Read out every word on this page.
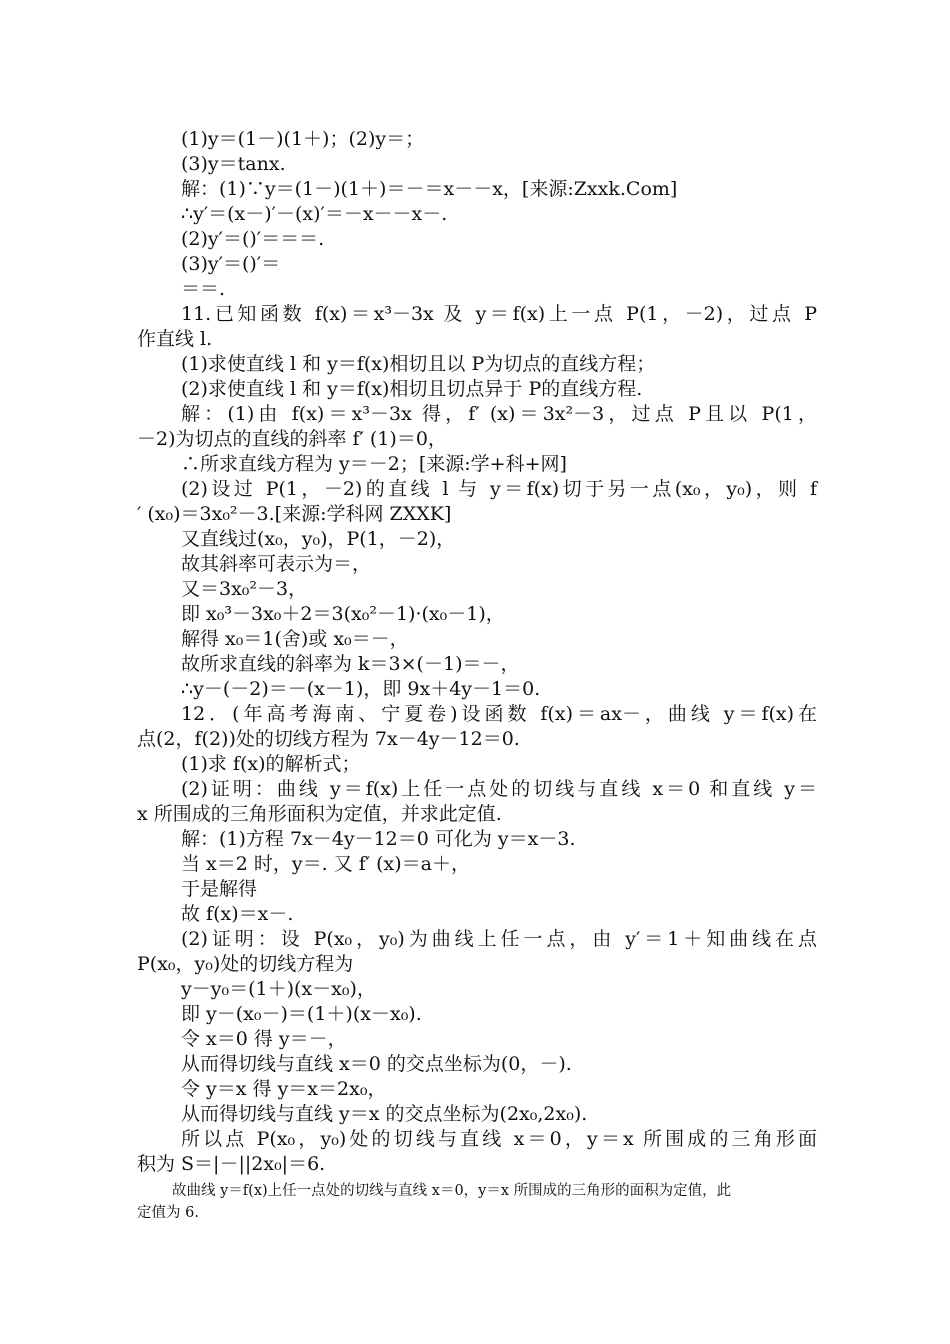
(1)y＝(1－)(1＋)；(2)y＝；
(3)y＝tanx.
解：(1)∵y＝(1－)(1＋)＝－＝x－－x，[来源:Zxxk.Com]
∴y′＝(x－)′－(x)′＝－x－－x－.
(2)y′＝()′＝＝＝.
(3)y′＝()′＝
＝＝.
11.已知函数 f(x)＝x³－3x 及 y＝f(x)上一点 P(1，－2)，过点 P
作直线 l.
(1)求使直线 l 和 y＝f(x)相切且以 P为切点的直线方程；
(2)求使直线 l 和 y＝f(x)相切且切点异于 P的直线方程.
解：(1)由 f(x)＝x³－3x 得，f′ (x)＝3x²－3，过点 P且以 P(1，
－2)为切点的直线的斜率 f′ (1)＝0，
∴所求直线方程为 y＝－2；[来源:学+科+网]
(2)设过 P(1，－2)的直线 l 与 y＝f(x)切于另一点(x₀，y₀)，则 f
′ (x₀)＝3x₀²－3.[来源:学科网 ZXXK]
又直线过(x₀，y₀)，P(1，－2)，
故其斜率可表示为＝，
又＝3x₀²－3，
即 x₀³－3x₀＋2＝3(x₀²－1)·(x₀－1)，
解得 x₀＝1(舍)或 x₀＝－，
故所求直线的斜率为 k＝3×(－1)＝－，
∴y－(－2)＝－(x－1)，即 9x＋4y－1＝0.
12．(年高考海南、宁夏卷)设函数 f(x)＝ax－，曲线 y＝f(x)在
点(2，f(2))处的切线方程为 7x－4y－12＝0.
(1)求 f(x)的解析式；
(2)证明：曲线 y＝f(x)上任一点处的切线与直线 x＝0 和直线 y＝
x 所围成的三角形面积为定值，并求此定值.
解：(1)方程 7x－4y－12＝0 可化为 y＝x－3.
当 x＝2 时，y＝. 又 f′ (x)＝a＋，
于是解得
故 f(x)＝x－.
(2)证明：设 P(x₀，y₀)为曲线上任一点，由 y′＝1＋知曲线在点
P(x₀，y₀)处的切线方程为
y－y₀＝(1＋)(x－x₀)，
即 y－(x₀－)＝(1＋)(x－x₀).
令 x＝0 得 y＝－，
从而得切线与直线 x＝0 的交点坐标为(0，－).
令 y＝x 得 y＝x＝2x₀，
从而得切线与直线 y＝x 的交点坐标为(2x₀,2x₀).
所以点 P(x₀，y₀)处的切线与直线 x＝0，y＝x 所围成的三角形面
积为 S＝|－||2x₀|＝6.
故曲线 y＝f(x)上任一点处的切线与直线 x＝0，y＝x 所围成的三角形的面积为定值，此
定值为 6.
